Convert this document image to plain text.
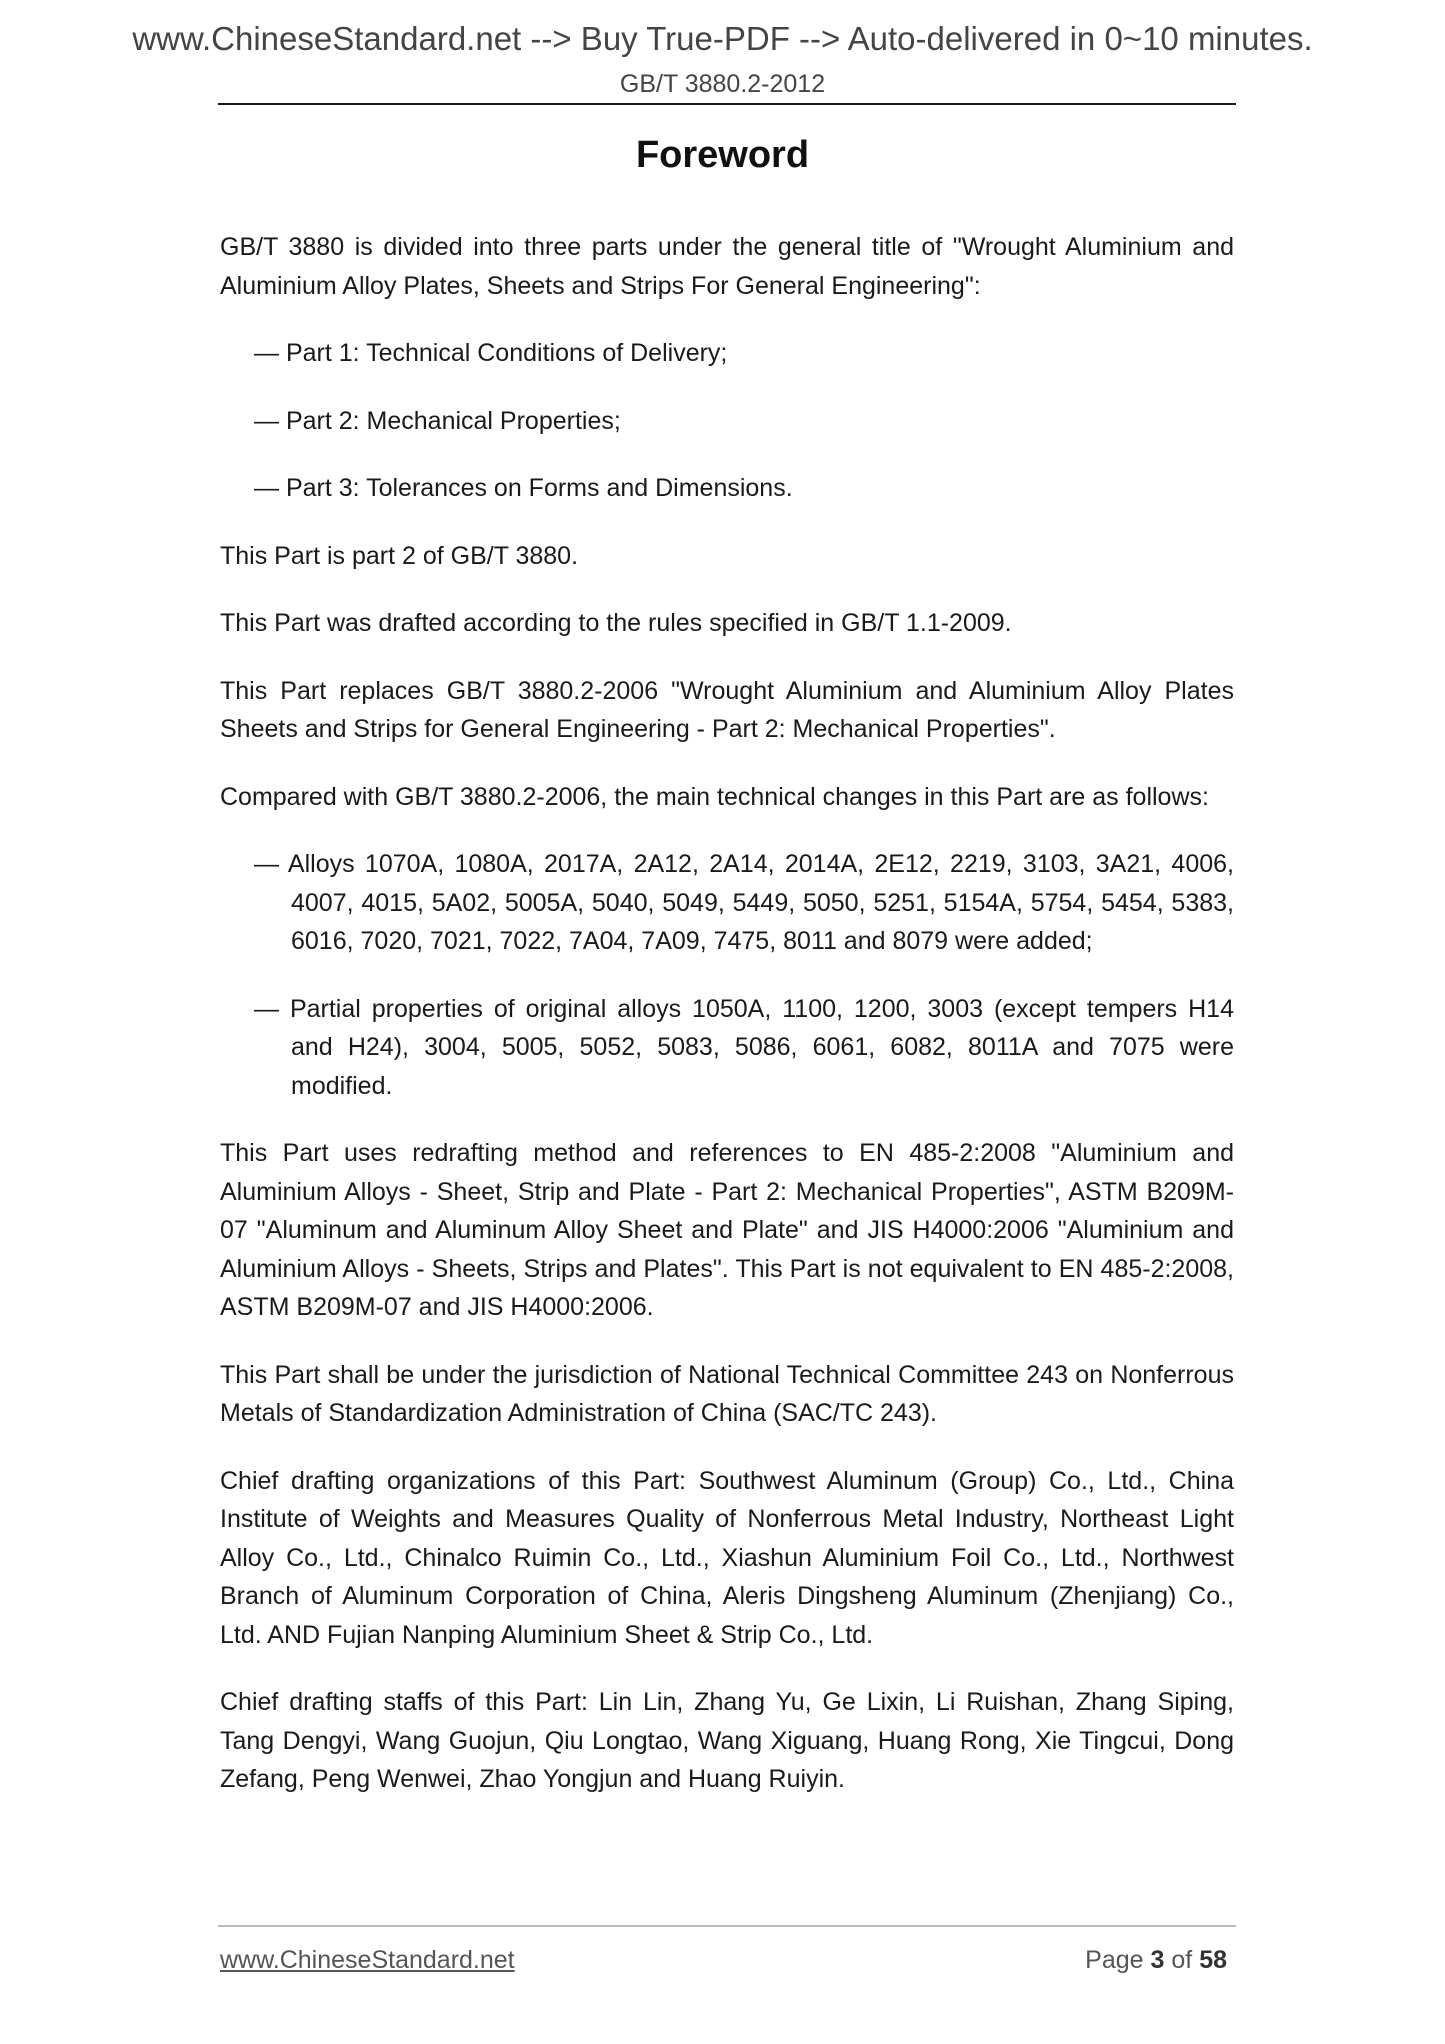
www.ChineseStandard.net --> Buy True-PDF --> Auto-delivered in 0~10 minutes.
GB/T 3880.2-2012
Foreword

GB/T 3880 is divided into three parts under the general title of "Wrought Aluminium and Aluminium Alloy Plates, Sheets and Strips For General Engineering":

— Part 1: Technical Conditions of Delivery;

— Part 2: Mechanical Properties;

— Part 3: Tolerances on Forms and Dimensions.

This Part is part 2 of GB/T 3880.

This Part was drafted according to the rules specified in GB/T 1.1-2009.

This Part replaces GB/T 3880.2-2006 "Wrought Aluminium and Aluminium Alloy Plates Sheets and Strips for General Engineering - Part 2: Mechanical Properties".

Compared with GB/T 3880.2-2006, the main technical changes in this Part are as follows:

— Alloys 1070A, 1080A, 2017A, 2A12, 2A14, 2014A, 2E12, 2219, 3103, 3A21, 4006, 4007, 4015, 5A02, 5005A, 5040, 5049, 5449, 5050, 5251, 5154A, 5754, 5454, 5383, 6016, 7020, 7021, 7022, 7A04, 7A09, 7475, 8011 and 8079 were added;

— Partial properties of original alloys 1050A, 1100, 1200, 3003 (except tempers H14 and H24), 3004, 5005, 5052, 5083, 5086, 6061, 6082, 8011A and 7075 were modified.

This Part uses redrafting method and references to EN 485-2:2008 "Aluminium and Aluminium Alloys - Sheet, Strip and Plate - Part 2: Mechanical Properties", ASTM B209M-07 "Aluminum and Aluminum Alloy Sheet and Plate" and JIS H4000:2006 "Aluminium and Aluminium Alloys - Sheets, Strips and Plates". This Part is not equivalent to EN 485-2:2008, ASTM B209M-07 and JIS H4000:2006.

This Part shall be under the jurisdiction of National Technical Committee 243 on Nonferrous Metals of Standardization Administration of China (SAC/TC 243).

Chief drafting organizations of this Part: Southwest Aluminum (Group) Co., Ltd., China Institute of Weights and Measures Quality of Nonferrous Metal Industry, Northeast Light Alloy Co., Ltd., Chinalco Ruimin Co., Ltd., Xiashun Aluminium Foil Co., Ltd., Northwest Branch of Aluminum Corporation of China, Aleris Dingsheng Aluminum (Zhenjiang) Co., Ltd. AND Fujian Nanping Aluminium Sheet & Strip Co., Ltd.

Chief drafting staffs of this Part: Lin Lin, Zhang Yu, Ge Lixin, Li Ruishan, Zhang Siping, Tang Dengyi, Wang Guojun, Qiu Longtao, Wang Xiguang, Huang Rong, Xie Tingcui, Dong Zefang, Peng Wenwei, Zhao Yongjun and Huang Ruiyin.

www.ChineseStandard.net	Page 3 of 58
